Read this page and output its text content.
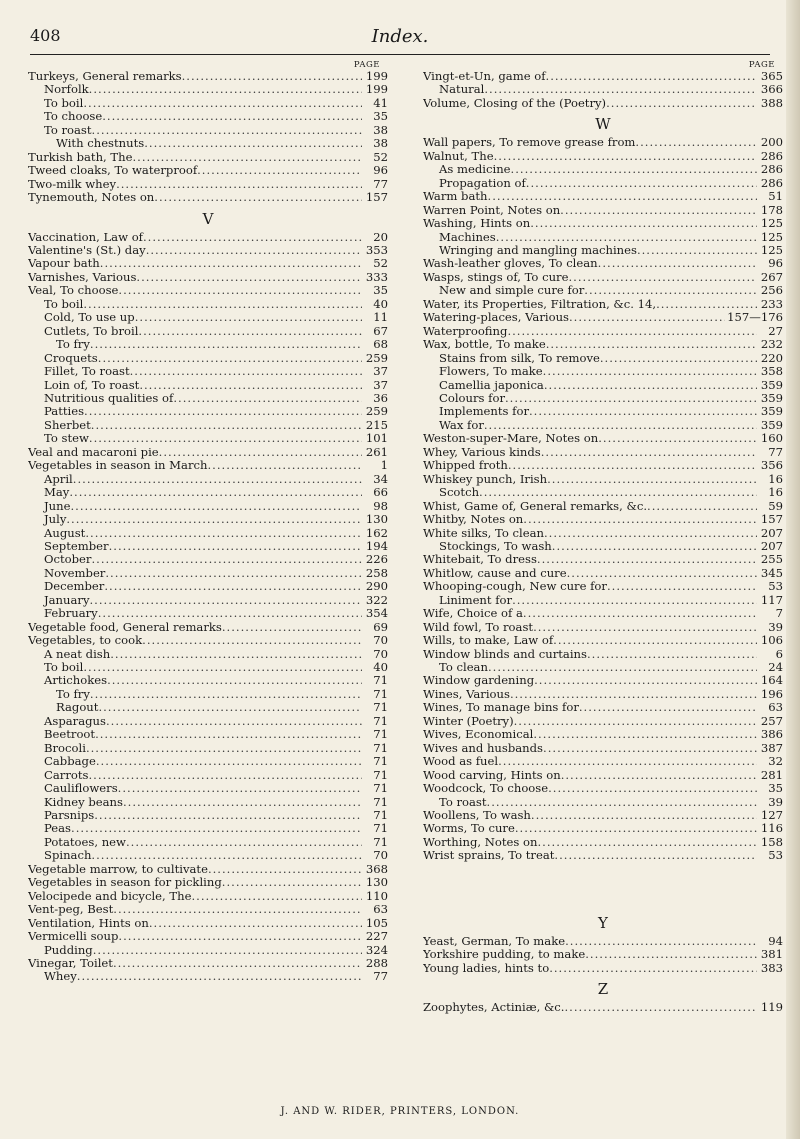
408	Index.
PAGE
Turkeys, General remarks .....	199
Norfolk .....	199
To boil .....	41
To choose .....	35
To roast .....	38
With chestnuts .....	38
Turkish bath, The .....	52
Tweed cloaks, To waterproof .....	96
Two-milk whey .....	77
Tynemouth, Notes on .....	157
V
Vaccination, Law of .....	20
Valentine's (St.) day .....	353
Vapour bath .....	52
Varnishes, Various .....	333
Veal, To choose .....	35
To boil .....	40
Cold, To use up .....	11
Cutlets, To broil .....	67
To fry .....	68
Croquets .....	259
Fillet, To roast .....	37
Loin of, To roast .....	37
Nutritious qualities of .....	36
Patties .....	259
Sherbet .....	215
To stew .....	101
Veal and macaroni pie .....	261
Vegetables in season in March .....	1
April .....	34
May .....	66
June .....	98
July .....	130
August .....	162
September .....	194
October .....	226
November .....	258
December .....	290
January .....	322
February .....	354
Vegetable food, General remarks .....	69
Vegetables, to cook .....	70
A neat dish .....	70
To boil .....	40
Artichokes .....	71
To fry .....	71
Ragout .....	71
Asparagus .....	71
Beetroot .....	71
Brocoli .....	71
Cabbage .....	71
Carrots .....	71
Cauliflowers .....	71
Kidney beans .....	71
Parsnips .....	71
Peas .....	71
Potatoes, new .....	71
Spinach .....	70
Vegetable marrow, to cultivate .....	368
Vegetables in season for pickling .....	130
Velocipede and bicycle, The .....	110
Vent-peg, Best .....	63
Ventilation, Hints on .....	105
Vermicelli soup .....	227
Pudding .....	324
Vinegar, Toilet .....	288
Whey .....	77
PAGE
Vingt-et-Un, game of .....	365
Natural .....	366
Volume, Closing of the (Poetry) .....	388
W
Wall papers, To remove grease from .....	200
Walnut, The .....	286
As medicine .....	286
Propagation of .....	286
Warm bath .....	51
Warren Point, Notes on .....	178
Washing, Hints on .....	125
Machines .....	125
Wringing and mangling machines .....	125
Wash-leather gloves, To clean .....	96
Wasps, stings of, To cure .....	267
New and simple cure for .....	256
Water, its Properties, Filtration, &c. 14, .....	233
Watering-places, Various .....	157—176
Waterproofing .....	27
Wax, bottle, To make .....	232
Stains from silk, To remove .....	220
Flowers, To make .....	358
Camellia japonica .....	359
Colours for .....	359
Implements for .....	359
Wax for .....	359
Weston-super-Mare, Notes on .....	160
Whey, Various kinds .....	77
Whipped froth .....	356
Whiskey punch, Irish .....	16
Scotch .....	16
Whist, Game of, General remarks, &c. .....	59
Whitby, Notes on .....	157
White silks, To clean .....	207
Stockings, To wash .....	207
Whitebait, To dress .....	255
Whitlow, cause and cure .....	345
Whooping-cough, New cure for .....	53
Liniment for .....	117
Wife, Choice of a .....	7
Wild fowl, To roast .....	39
Wills, to make, Law of .....	106
Window blinds and curtains .....	6
To clean .....	24
Window gardening .....	164
Wines, Various .....	196
Wines, To manage bins for .....	63
Winter (Poetry) .....	257
Wives, Economical .....	386
Wives and husbands .....	387
Wood as fuel .....	32
Wood carving, Hints on .....	281
Woodcock, To choose .....	35
To roast .....	39
Woollens, To wash .....	127
Worms, To cure .....	116
Worthing, Notes on .....	158
Wrist sprains, To treat .....	53
Y
Yeast, German, To make .....	94
Yorkshire pudding, to make .....	381
Young ladies, hints to .....	383
Z
Zoophytes, Actiniæ, &c. .....	119
J. AND W. RIDER, PRINTERS, LONDON.
